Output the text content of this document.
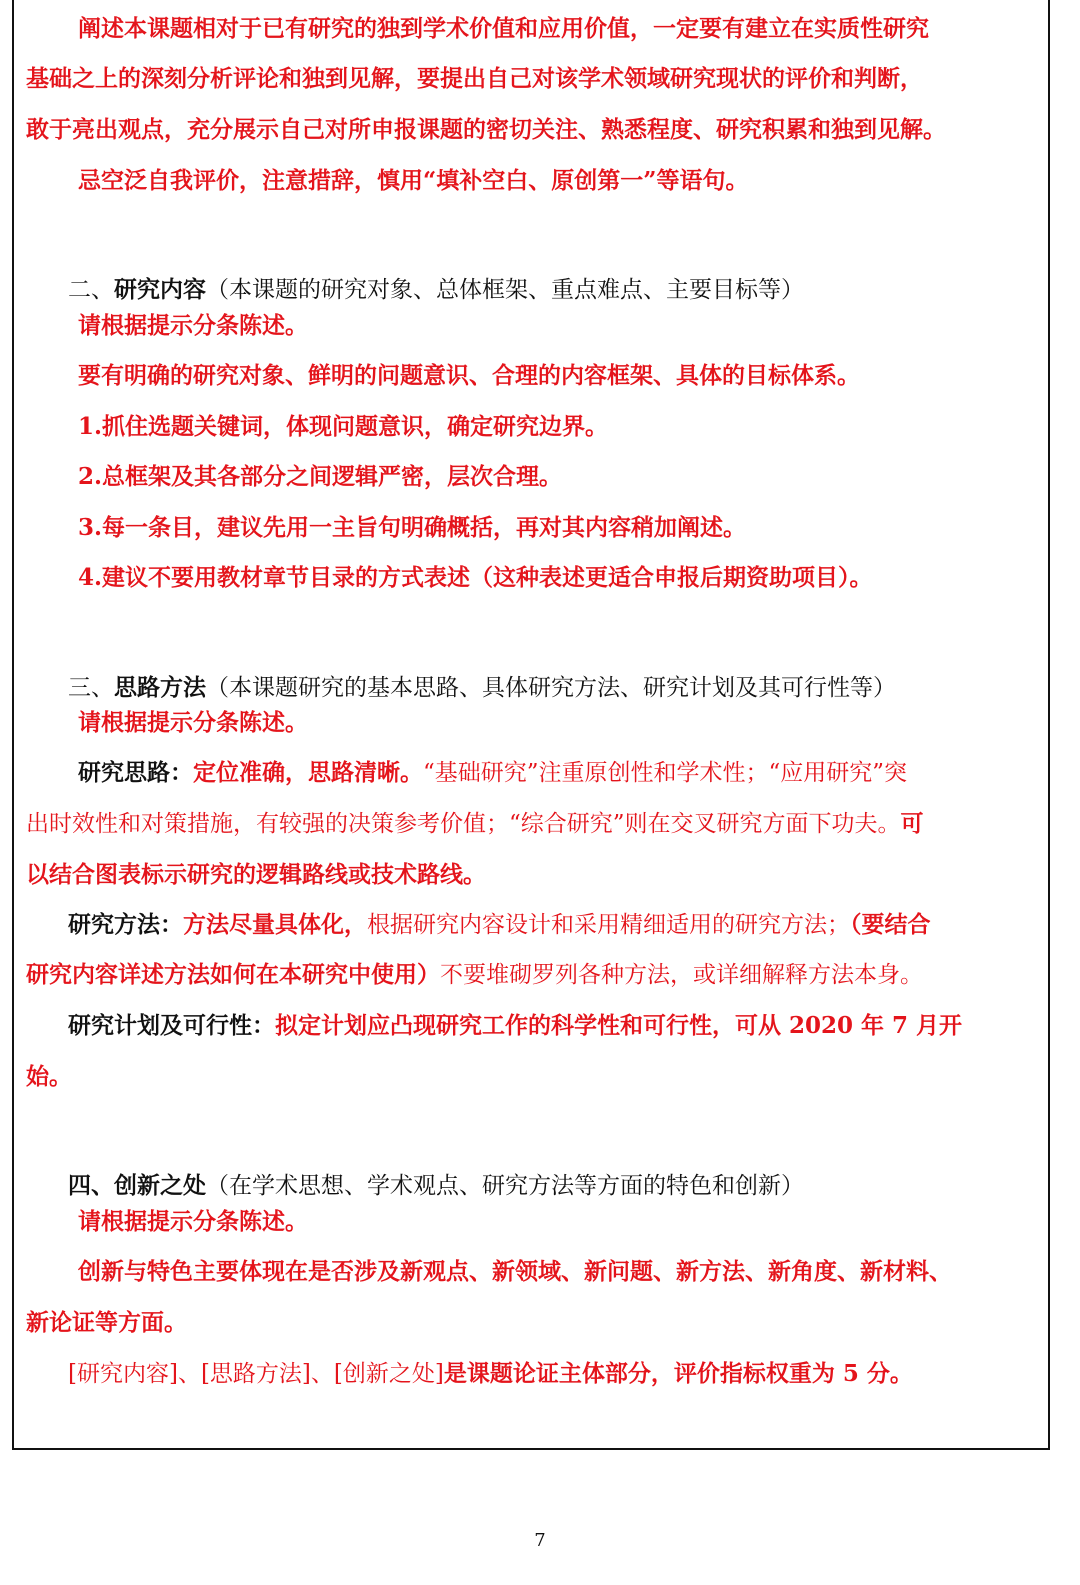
阐述本课题相对于已有研究的独到学术价值和应用价值，一定要有建立在实质性研究
基础之上的深刻分析评论和独到见解，要提出自己对该学术领域研究现状的评价和判断，
敢于亮出观点，充分展示自己对所申报课题的密切关注、熟悉程度、研究积累和独到见解。
忌空泛自我评价，注意措辞，慎用“填补空白、原创第一”等语句。
二、研究内容（本课题的研究对象、总体框架、重点难点、主要目标等）
请根据提示分条陈述。
要有明确的研究对象、鲜明的问题意识、合理的内容框架、具体的目标体系。
1.抓住选题关键词，体现问题意识，确定研究边界。
2.总框架及其各部分之间逻辑严密，层次合理。
3.每一条目，建议先用一主旨句明确概括，再对其内容稍加阐述。
4.建议不要用教材章节目录的方式表述（这种表述更适合申报后期资助项目）。
三、思路方法（本课题研究的基本思路、具体研究方法、研究计划及其可行性等）
请根据提示分条陈述。
研究思路：定位准确，思路清晰。“基础研究”注重原创性和学术性；“应用研究”突
出时效性和对策措施，有较强的决策参考价值；“综合研究”则在交叉研究方面下功夫。可
以结合图表标示研究的逻辑路线或技术路线。
研究方法：方法尽量具体化，根据研究内容设计和采用精细适用的研究方法；（要结合
研究内容详述方法如何在本研究中使用）不要堆砌罗列各种方法，或详细解释方法本身。
研究计划及可行性：拟定计划应凸现研究工作的科学性和可行性，可从 2020 年 7 月开
始。
四、创新之处（在学术思想、学术观点、研究方法等方面的特色和创新）
请根据提示分条陈述。
创新与特色主要体现在是否涉及新观点、新领域、新问题、新方法、新角度、新材料、
新论证等方面。
[研究内容]、[思路方法]、[创新之处]是课题论证主体部分，评价指标权重为 5 分。
7
